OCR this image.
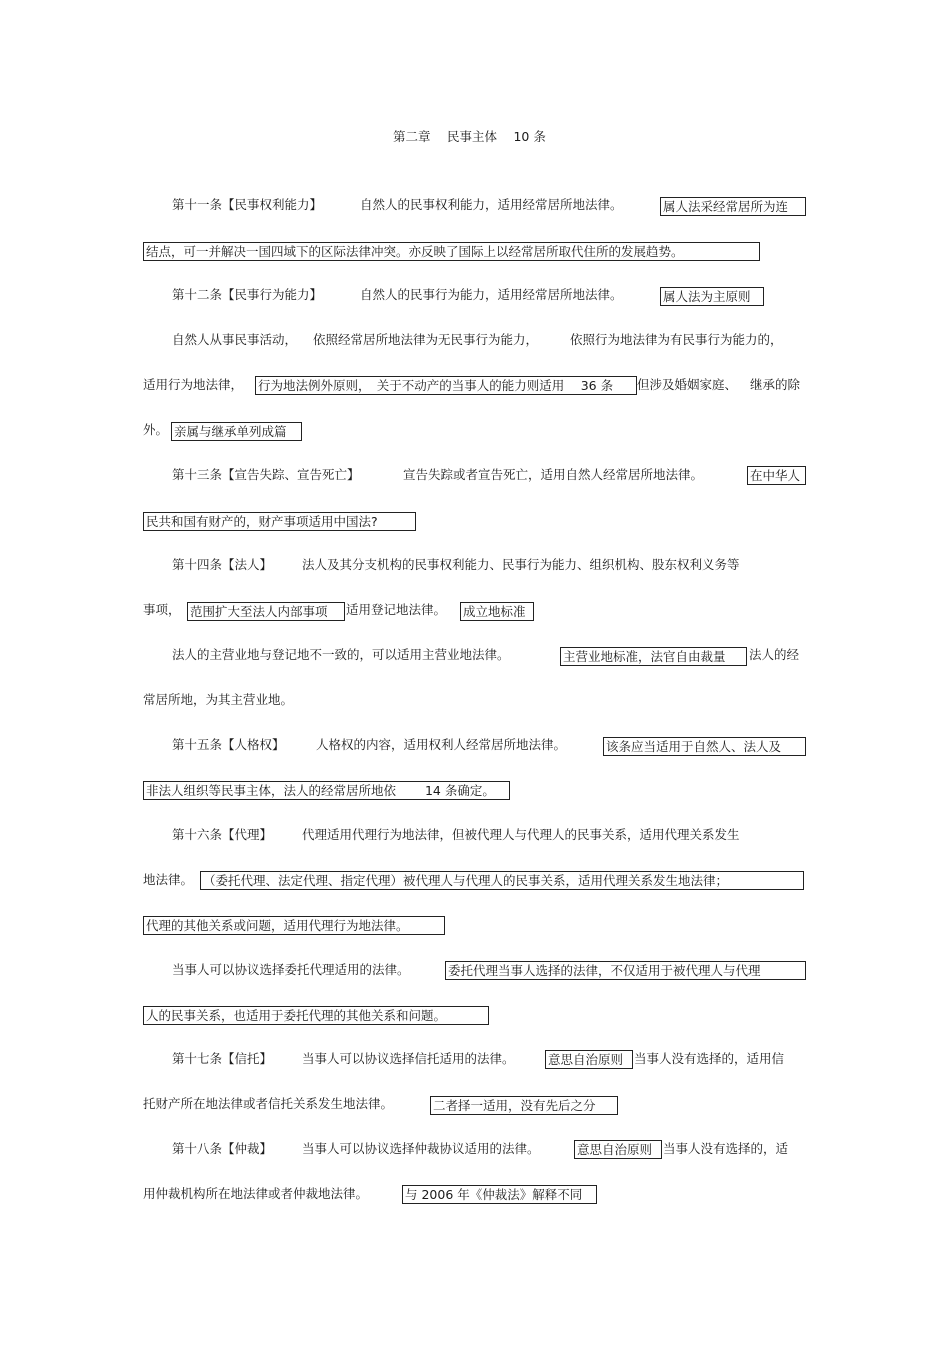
第二章　 民事主体　 10 条
第十一条【民事权利能力】	自然人的民事权利能力，适用经常居所地法律。	属人法采经常居所为连
结点，可一并解决一国四域下的区际法律冲突。亦反映了国际上以经常居所取代住所的发展趋势。
第十二条【民事行为能力】	自然人的民事行为能力，适用经常居所地法律。	属人法为主原则
自然人从事民事活动， 依照经常居所地法律为无民事行为能力，	依照行为地法律为有民事行为能力的，
适用行为地法律， 行为地法例外原则，　关于不动产的当事人的能力则适用　 36 条	但涉及婚姻家庭、 继承的除
外。 亲属与继承单列成篇
第十三条【宣告失踪、宣告死亡】	宣告失踪或者宣告死亡，适用自然人经常居所地法律。	在中华人
民共和国有财产的，财产事项适用中国法?
第十四条【法人】 法人及其分支机构的民事权利能力、民事行为能力、组织机构、股东权利义务等
事项， 范围扩大至法人内部事项	适用登记地法律。 成立地标准
法人的主营业地与登记地不一致的，可以适用主营业地法律。	主营业地标准，法官自由裁量	法人的经
常居所地，为其主营业地。
第十五条【人格权】	人格权的内容，适用权利人经常居所地法律。	该条应当适用于自然人、法人及
非法人组织等民事主体，法人的经常居所地依　　 14 条确定。
第十六条【代理】 代理适用代理行为地法律，但被代理人与代理人的民事关系，适用代理关系发生
地法律。 （委托代理、法定代理、指定代理）被代理人与代理人的民事关系，适用代理关系发生地法律；
代理的其他关系或问题，适用代理行为地法律。
当事人可以协议选择委托代理适用的法律。	委托代理当事人选择的法律，不仅适用于被代理人与代理
人的民事关系，也适用于委托代理的其他关系和问题。
第十七条【信托】 当事人可以协议选择信托适用的法律。	意思自治原则 当事人没有选择的，适用信
托财产所在地法律或者信托关系发生地法律。	二者择一适用，没有先后之分
第十八条【仲裁】 当事人可以协议选择仲裁协议适用的法律。	意思自治原则 当事人没有选择的，适
用仲裁机构所在地法律或者仲裁地法律。	与 2006 年《仲裁法》解释不同
